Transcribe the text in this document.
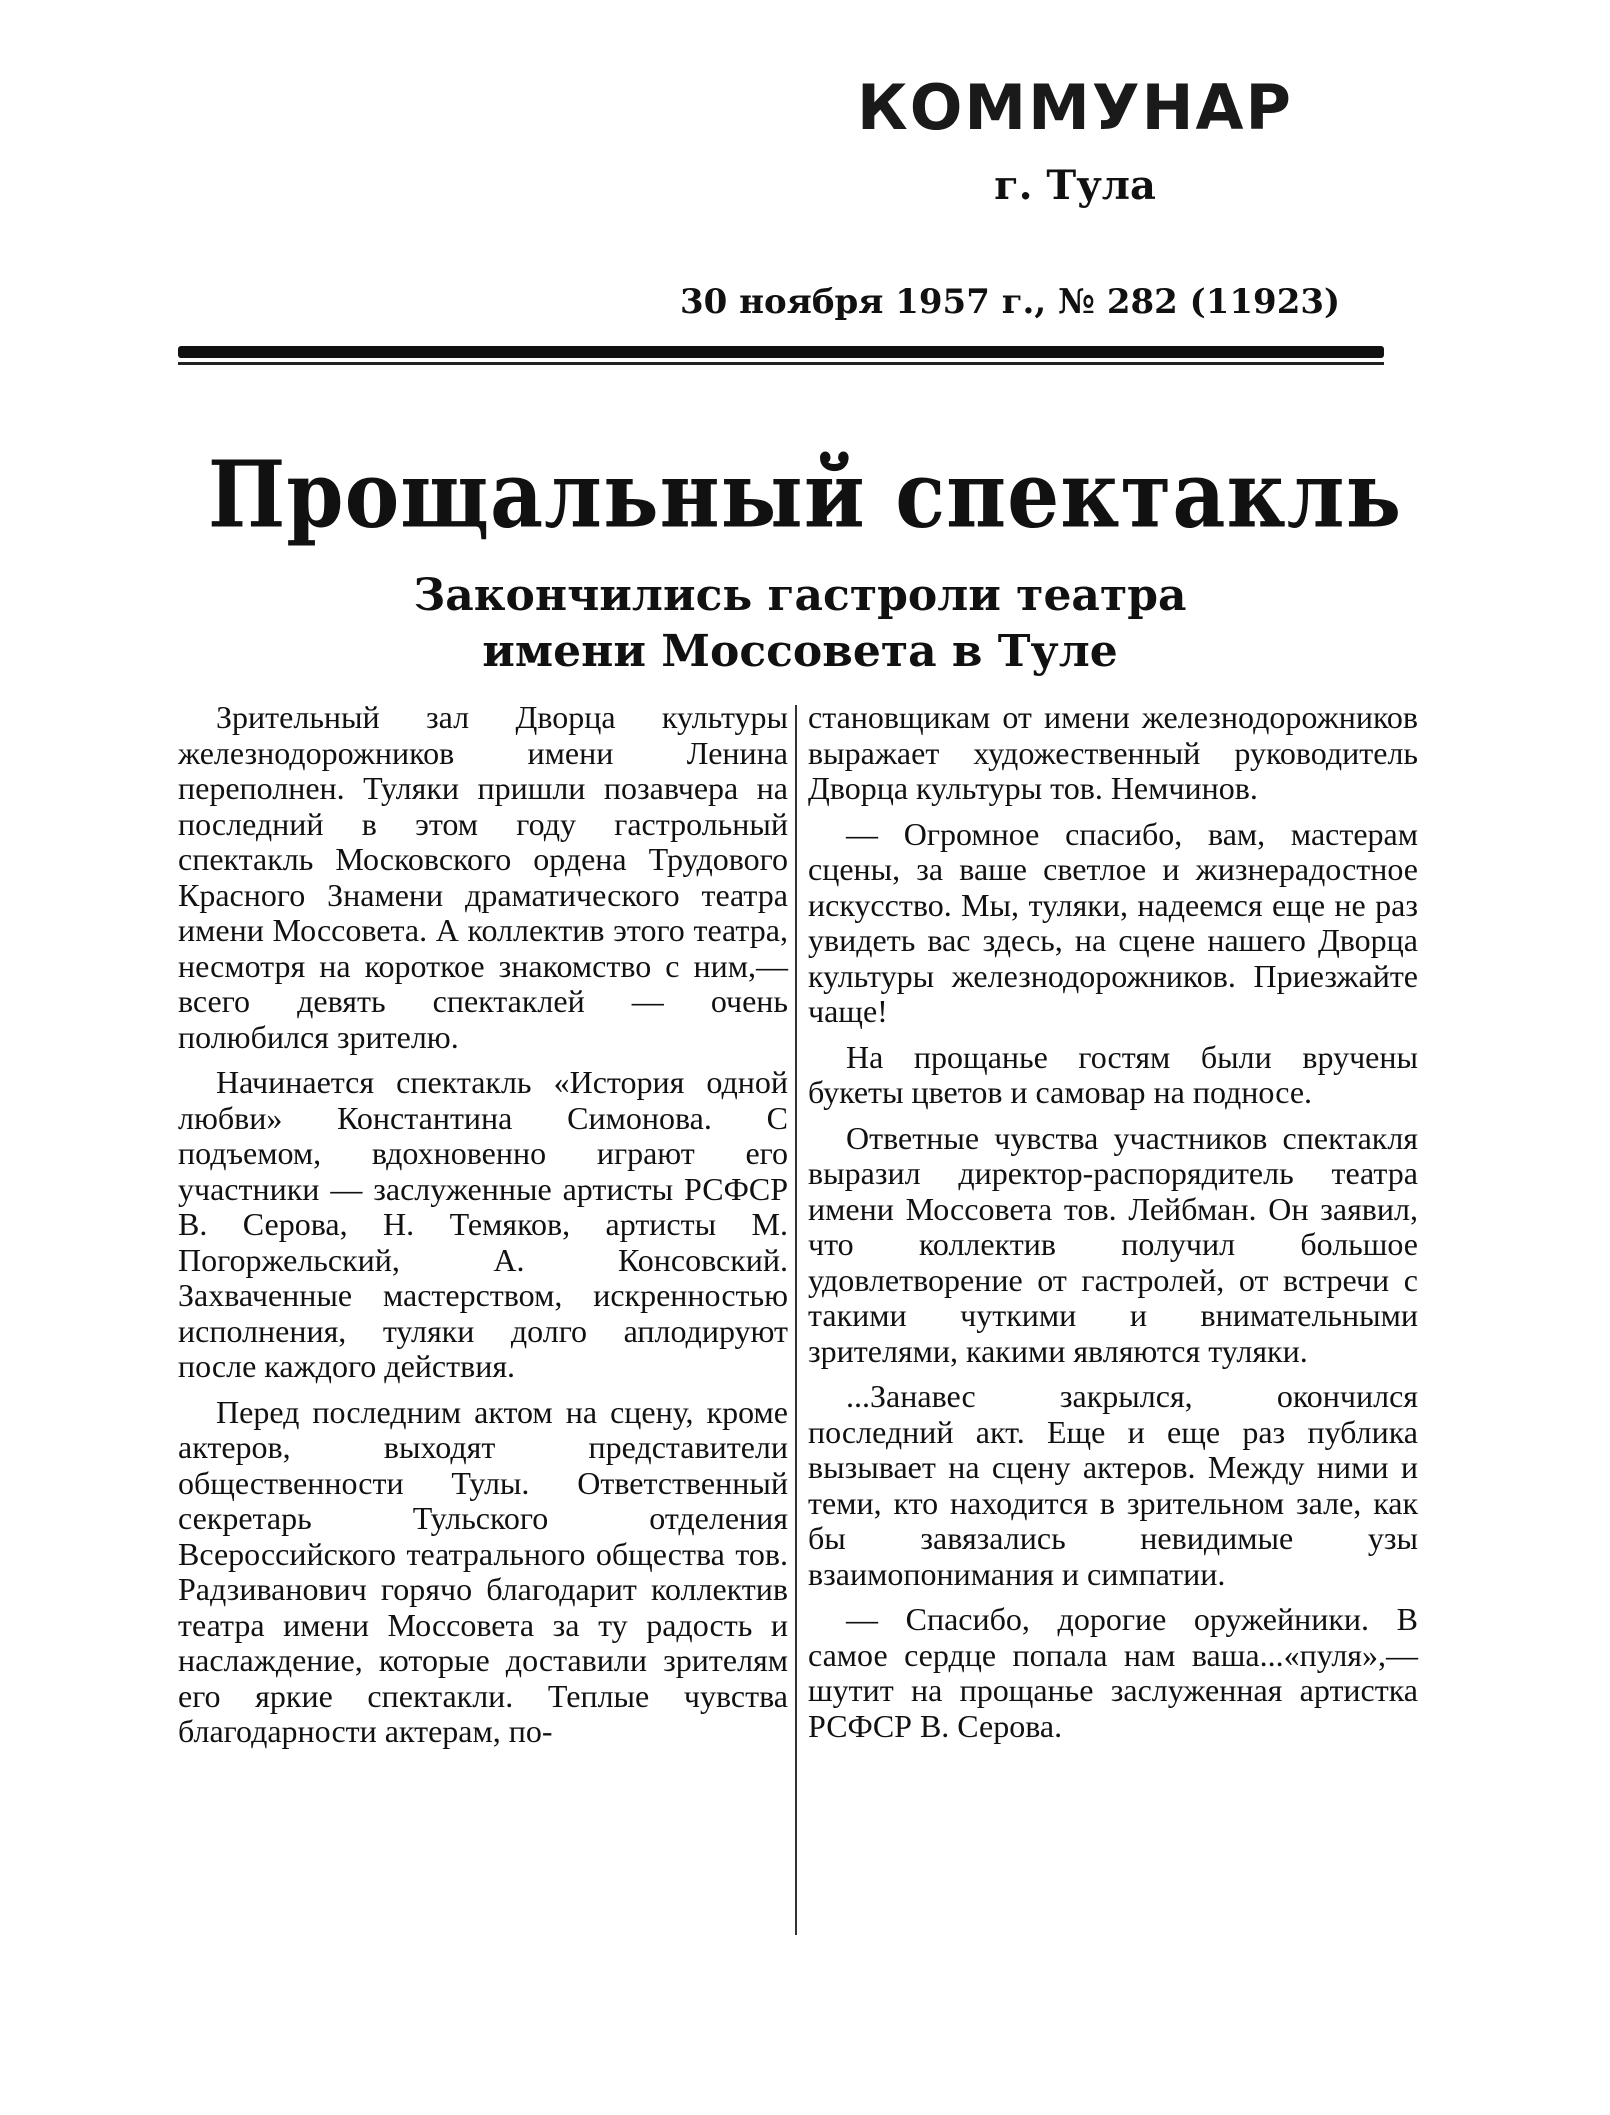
КОММУНАР
г. Тула
30 ноября 1957 г., № 282 (11923)
Прощальный спектакль
Закончились гастроли театра
имени Моссовета в Туле

Зрительный зал Дворца культуры железнодорожников имени Ленина переполнен. Туляки пришли позавчера на последний в этом году гастрольный спектакль Московского ордена Трудового Красного Знамени драматического театра имени Моссовета. А коллектив этого театра, несмотря на короткое знакомство с ним,— всего девять спектаклей — очень полюбился зрителю.

Начинается спектакль «История одной любви» Константина Симонова. С подъемом, вдохновенно играют его участники — заслуженные артисты РСФСР В. Серова, Н. Темяков, артисты М. Погоржельский, А. Консовский. Захваченные мастерством, искренностью исполнения, туляки долго аплодируют после каждого действия.

Перед последним актом на сцену, кроме актеров, выходят представители общественности Тулы. Ответственный секретарь Тульского отделения Всероссийского театрального общества тов. Радзиванович горячо благодарит коллектив театра имени Моссовета за ту радость и наслаждение, которые доставили зрителям его яркие спектакли. Теплые чувства благодарности актерам, по-

становщикам от имени железнодорожников выражает художественный руководитель Дворца культуры тов. Немчинов.

— Огромное спасибо, вам, мастерам сцены, за ваше светлое и жизнерадостное искусство. Мы, туляки, надеемся еще не раз увидеть вас здесь, на сцене нашего Дворца культуры железнодорожников. Приезжайте чаще!

На прощанье гостям были вручены букеты цветов и самовар на подносе.

Ответные чувства участников спектакля выразил директор-распорядитель театра имени Моссовета тов. Лейбман. Он заявил, что коллектив получил большое удовлетворение от гастролей, от встречи с такими чуткими и внимательными зрителями, какими являются туляки.

...Занавес закрылся, окончился последний акт. Еще и еще раз публика вызывает на сцену актеров. Между ними и теми, кто находится в зрительном зале, как бы завязались невидимые узы взаимопонимания и симпатии.

— Спасибо, дорогие оружейники. В самое сердце попала нам ваша...«пуля»,—шутит на прощанье заслуженная артистка РСФСР В. Серова.
